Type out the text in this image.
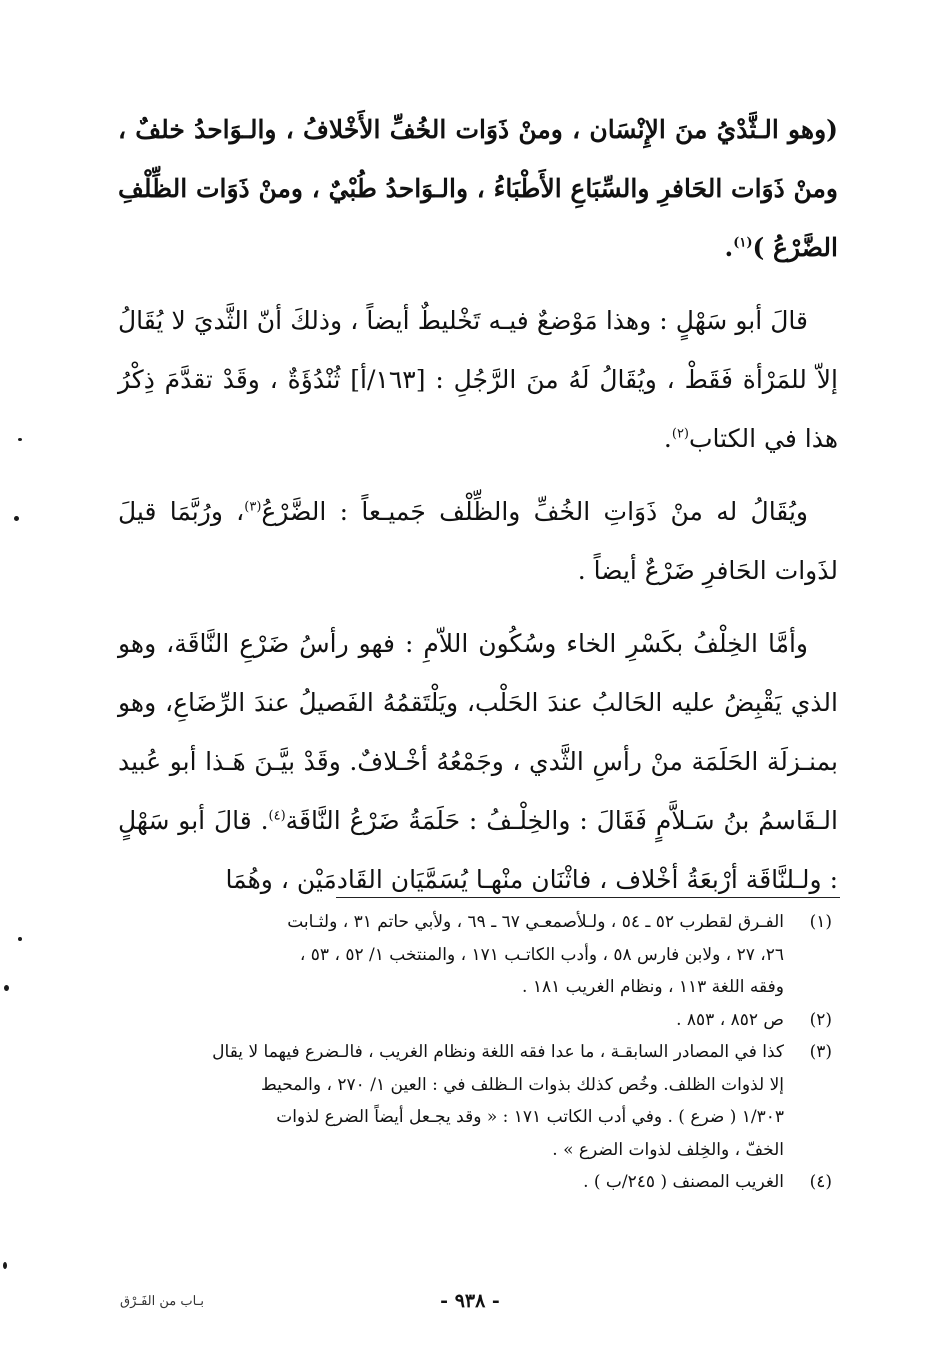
(وهو الـثَّدْيُ منَ الإِنْسَان ، ومنْ ذَوَات الخُفِّ الأَخْلافُ ، والـوَاحدُ خلفٌ ، ومنْ ذَوَات الحَافرِ والسِّبَاعِ الأَطْبَاءُ ، والـوَاحدُ طُبْيٌ ، ومنْ ذَوَات الظِّلْفِ الضَّرْعُ )$^{(١)}$.

قالَ أبو سَهْلٍ : وهذا مَوْضعٌ فيـه تَخْليطٌ أيضاً ، وذلكَ أنّ الثَّديَ لا يُقَالُ إلاّ للمَرْأة فَقَطْ ، ويُقَالُ لَهُ منَ الرَّجُلِ : [١٦٣/أ] ثُنْدُؤَةٌ ، وقَدْ تقدَّمَ ذِكْرُ هذا في الكتاب$^{(٢)}$.

ويُقَالُ له منْ ذَوَاتِ الخُفِّ والظِّلْف جَميـعاً : الضَّرْعُ$^{(٣)}$، ورُبَّمَا قيلَ لذَوات الحَافرِ ضَرْعٌ أيضاً .

وأمَّا الخِلْفُ بكَسْرِ الخاء وسُكُون اللاّمِ : فهو رأسُ ضَرْعِ النَّاقَة، وهو الذي يَقْبِضُ عليه الحَالبُ عندَ الحَلْب، ويَلْتَقمُهُ الفَصيلُ عندَ الرِّضَاعِ، وهو بمنـزلَة الحَلَمَة منْ رأسِ الثَّدي ، وجَمْعُهُ أخْـلافٌ. وقَدْ بيَّـنَ هَـذا أبو عُبيد الـقَاسمُ بنُ سَـلاَّمٍ فَقَالَ : والخِلْـفُ : حَلَمَةُ ضَرْعُ النَّاقَة$^{(٤)}$. قالَ أبو سَهْلٍ : ولـلنَّاقَة أرْبعَةُ أخْلاف ، فاثْنَان منْهـا يُسَمَّيَان القَادمَيْن ، وهُمَا

(١)
الفـرق لقطرب ٥٢ ـ ٥٤ ، ولـلأصمعـي ٦٧ ـ ٦٩ ، ولأبي حاتم ٣١ ، ولثـابت
٢٦، ٢٧ ، ولابن فارس ٥٨ ، وأدب الكاتـب ١٧١ ، والمنتخب ١/ ٥٢ ، ٥٣ ،
وفقه اللغة ١١٣ ، ونظام الغريب ١٨١ .
(٢)
ص ٨٥٢ ، ٨٥٣ .
(٣)
كذا في المصادر السابقـة ، ما عدا فقه اللغة ونظام الغريب ، فالـضرع فيهما لا يقال
إلا لذوات الظلف. وخُص كذلك بذوات الـظلف في : العين ١/ ٢٧٠ ، والمحيط
١/٣٠٣ ( ضرع ) . وفي أدب الكاتب ١٧١ : « وقد يجـعل أيضاً الضرع لذوات
الخفّ ، والخِلف لذوات الضرع » .
(٤)
الغريب المصنف ( ٢٤٥/ب ) .
- ٩٣٨ -
بـاب من الفَـرْق
